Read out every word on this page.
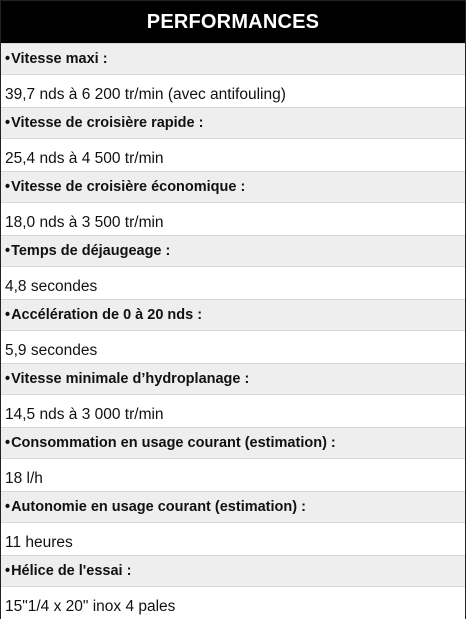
PERFORMANCES
• Vitesse maxi :
39,7 nds à 6 200 tr/min (avec antifouling)
• Vitesse de croisière rapide :
25,4 nds à 4 500 tr/min
• Vitesse de croisière économique :
18,0 nds à 3 500 tr/min
• Temps de déjaugeage :
4,8 secondes
• Accélération de 0 à 20 nds :
5,9 secondes
• Vitesse minimale d’hydroplanage :
14,5 nds à 3 000 tr/min
• Consommation en usage courant (estimation) :
18 l/h
• Autonomie en usage courant (estimation) :
11 heures
• Hélice de l'essai :
15"1/4 x 20" inox 4 pales
